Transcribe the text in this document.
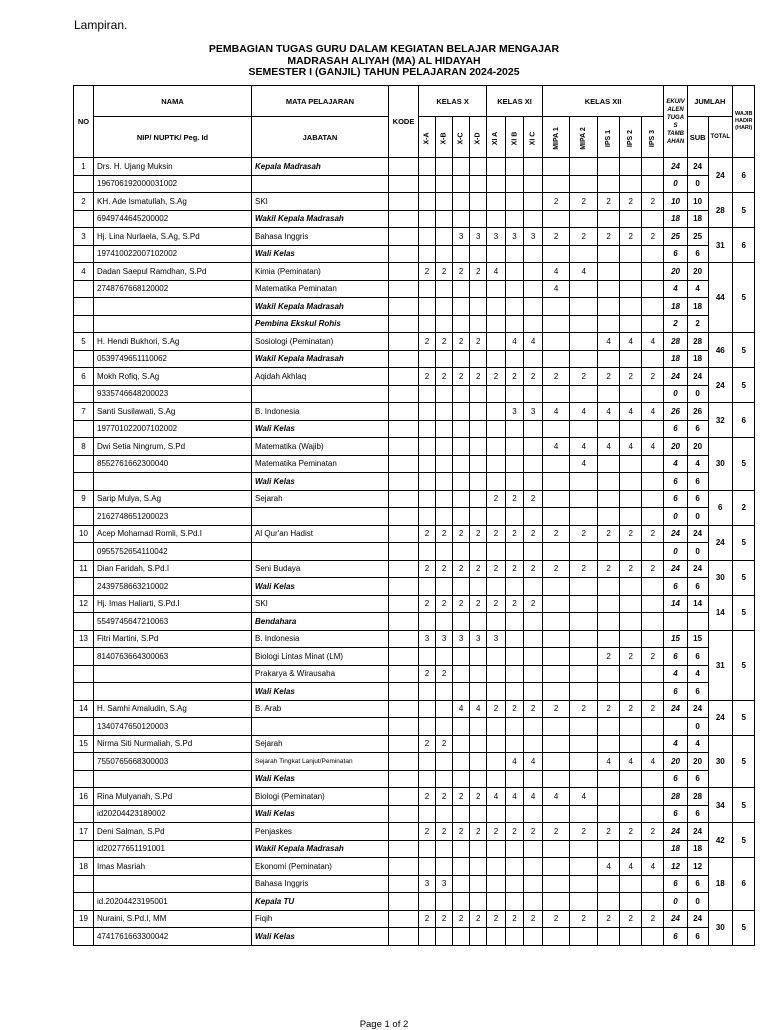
Lampiran.
PEMBAGIAN TUGAS GURU DALAM KEGIATAN BELAJAR MENGAJAR
MADRASAH ALIYAH (MA) AL HIDAYAH
SEMESTER I (GANJIL) TAHUN PELAJARAN 2024-2025
NO	NAMA	MATA PELAJARAN	KODE	KELAS X				KELAS XI			KELAS XII					EKUIV ALEN TUGA S TAMB AHAN	JUMLAH		WAJIB HADIR (HARI)

	NIP/ NUPTK/ Peg. Id	JABATAN		X-A	X-B	X-C	X-D	XI A	XI B	XI C	MIPA 1	MIPA 2	IPS 1	IPS 2	IPS 3		SUB	TOTAL	
1	Drs. H. Ujang Muksin	Kepala Madrasah														24	24	24	6
	196706192000031002															0	0		
2	KH. Ade Ismatullah, S.Ag	SKI									2	2	2	2	2	10	10	28	5
	6949744645200002	Wakil Kepala Madrasah														18	18		
3	Hj. Lina Nurlaela, S.Ag, S.Pd	Bahasa Inggris				3	3	3	3	3	2	2	2	2	2	25	25	31	6
	197410022007102002	Wali Kelas														6	6		
4	Dadan Saepul Ramdhan, S.Pd	Kimia (Peminatan)		2	2	2	2	4			4	4				20	20	44	5
	2748767668120002	Matematika Peminatan									4					4	4		
		Wakil Kepala Madrasah														18	18		
		Pembina Ekskul Rohis														2	2		
5	H. Hendi Bukhori, S.Ag	Sosiologi (Peminatan)		2	2	2	2		4	4			4	4	4	28	28	46	5
	0539749651110062	Wakil Kepala Madrasah														18	18		
6	Mokh Rofiq, S.Ag	Aqidah Akhlaq		2	2	2	2	2	2	2	2	2	2	2	2	24	24	24	5
	9335746648200023															0	0		
7	Santi Susilawati, S.Ag	B. Indonesia							3	3	4	4	4	4	4	26	26	32	6
	197701022007102002	Wali Kelas														6	6		
8	Dwi Setia Ningrum, S.Pd	Matematika (Wajib)									4	4	4	4	4	20	20	30	5
	8552761662300040	Matematika Peminatan										4				4	4		
		Wali Kelas														6	6		
9	Sarip Mulya, S.Ag	Sejarah						2	2	2						6	6	6	2
	2162748651200023															0	0		
10	Acep Mohamad Romli, S.Pd.I	Al Qur'an Hadist		2	2	2	2	2	2	2	2	2	2	2	2	24	24	24	5
	0955752654110042															0	0		
11	Dian Faridah, S.Pd.I	Seni Budaya		2	2	2	2	2	2	2	2	2	2	2	2	24	24	30	5
	2439758663210002	Wali Kelas														6	6		
12	Hj. Imas Haliarti, S.Pd.I	SKI		2	2	2	2	2	2	2						14	14	14	5
	5549745647210063	Bendahara																	
13	Fitri Martini, S.Pd	B. Indonesia		3	3	3	3	3								15	15	31	5
	8140763664300063	Biologi Lintas Minat (LM)											2	2	2	6	6		
		Prakarya & Wirausaha		2	2											4	4		
		Wali Kelas														6	6		
14	H. Samhi Amaludin, S.Ag	B. Arab				4	4	2	2	2	2	2	2	2	2	24	24	24	5
	1340747650120003																0		
15	Nirma Siti Nurmaliah, S.Pd	Sejarah		2	2											4	4	30	5
	7550765668300003	Sejarah Tingkat Lanjut/Peminatan							4	4			4	4	4	20	20		
		Wali Kelas														6	6		
16	Rina Mulyanah, S.Pd	Biologi (Peminatan)		2	2	2	2	4	4	4	4	4				28	28	34	5
	id20204423189002	Wali Kelas														6	6		
17	Deni Salman, S.Pd	Penjaskes		2	2	2	2	2	2	2	2	2	2	2	2	24	24	42	5
	id20277651191001	Wakil Kepala Madrasah														18	18		
18	Imas Masriah	Ekonomi (Peminatan)											4	4	4	12	12	18	6
		Bahasa Inggris		3	3											6	6		
	id.20204423195001	Kepala TU														0	0		
19	Nuraini, S.Pd.I, MM	Fiqih		2	2	2	2	2	2	2	2	2	2	2	2	24	24	30	5
	4741761663300042	Wali Kelas														6	6		
Page 1 of 2
